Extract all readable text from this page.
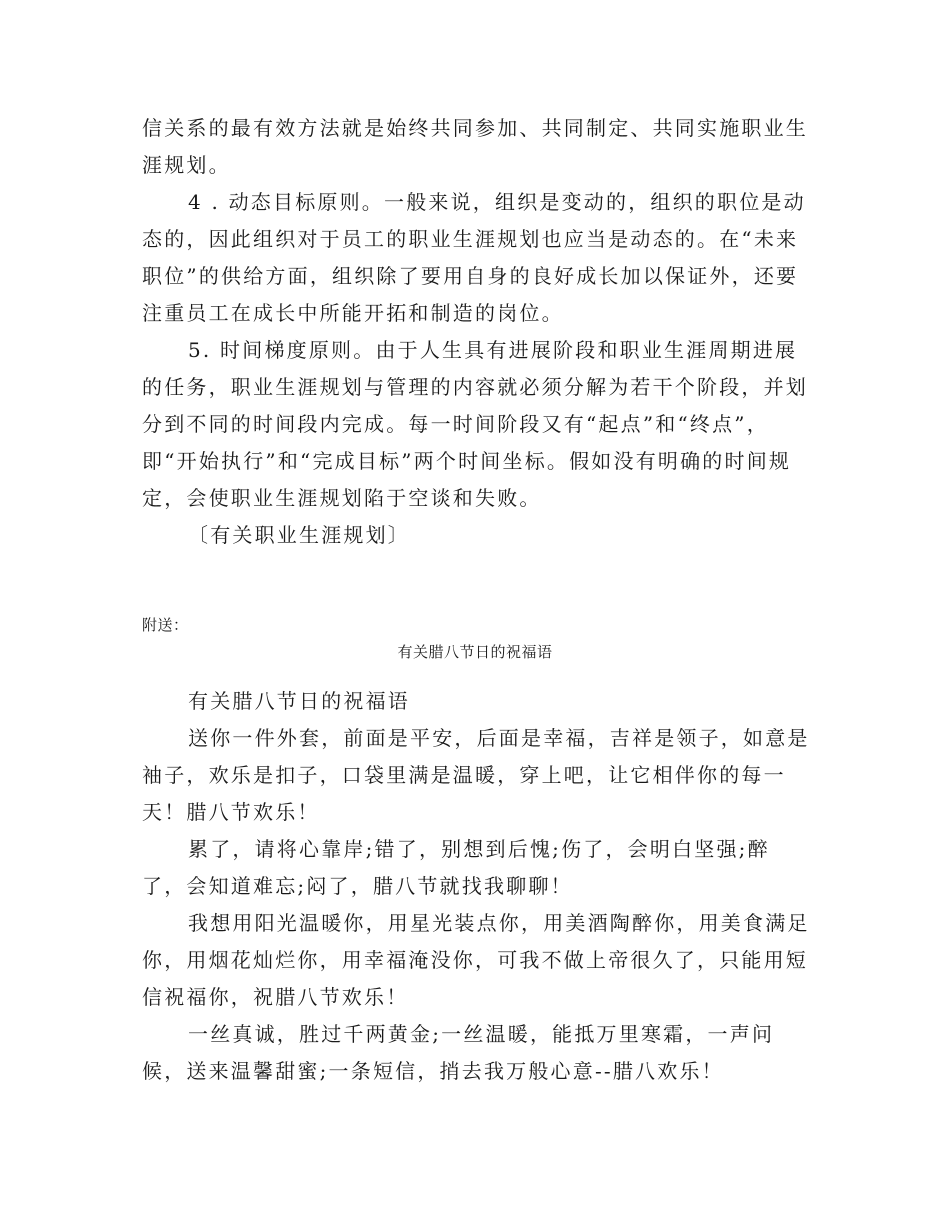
信关系的最有效方法就是始终共同参加、共同制定、共同实施职业生涯规划。

4 . 动态目标原则。一般来说，组织是变动的，组织的职位是动态的，因此组织对于员工的职业生涯规划也应当是动态的。在“未来职位”的供给方面，组织除了要用自身的良好成长加以保证外，还要注重员工在成长中所能开拓和制造的岗位。

5. 时间梯度原则。由于人生具有进展阶段和职业生涯周期进展的任务，职业生涯规划与管理的内容就必须分解为若干个阶段，并划分到不同的时间段内完成。每一时间阶段又有“起点”和“终点”，即“开始执行”和“完成目标”两个时间坐标。假如没有明确的时间规定，会使职业生涯规划陷于空谈和失败。

〔有关职业生涯规划〕

附送：
有关腊八节日的祝福语

有关腊八节日的祝福语

送你一件外套，前面是平安，后面是幸福，吉祥是领子，如意是袖子，欢乐是扣子，口袋里满是温暖，穿上吧，让它相伴你的每一天！腊八节欢乐！

累了，请将心靠岸;错了，别想到后愧;伤了，会明白坚强;醉了，会知道难忘;闷了，腊八节就找我聊聊！

我想用阳光温暖你，用星光装点你，用美酒陶醉你，用美食满足你，用烟花灿烂你，用幸福淹没你，可我不做上帝很久了，只能用短信祝福你，祝腊八节欢乐！

一丝真诚，胜过千两黄金;一丝温暖，能抵万里寒霜，一声问候，送来温馨甜蜜;一条短信，捎去我万般心意--腊八欢乐！
